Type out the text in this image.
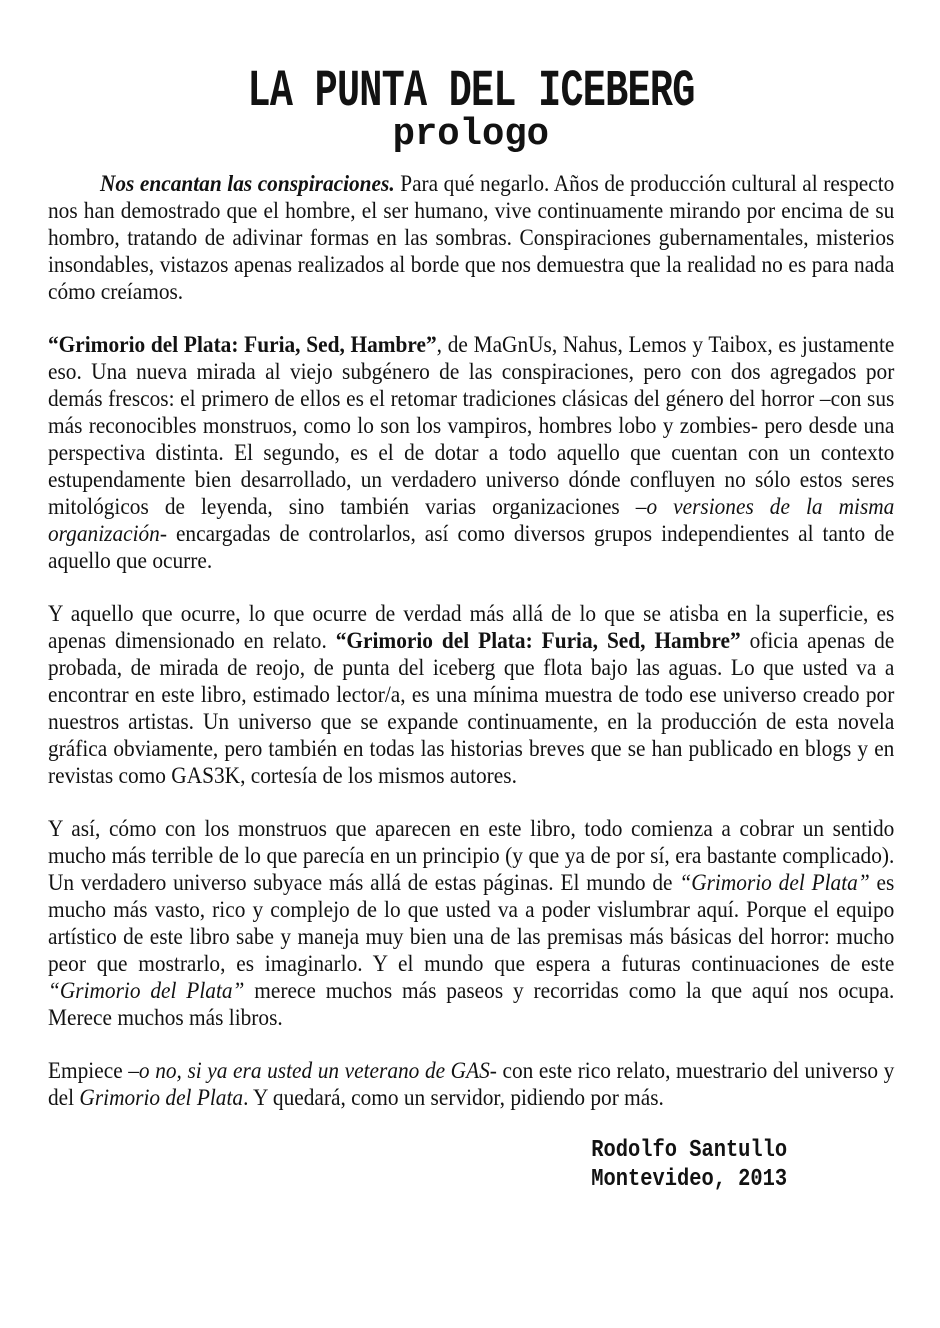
LA PUNTA DEL ICEBERG
prologo

Nos encantan las conspiraciones. Para qué negarlo. Años de producción cultural al respecto nos han demostrado que el hombre, el ser humano, vive continuamente mirando por encima de su hombro, tratando de adivinar formas en las sombras. Conspiraciones gubernamentales, misterios insondables, vistazos apenas realizados al borde que nos demuestra que la realidad no es para nada cómo creíamos.

“Grimorio del Plata: Furia, Sed, Hambre”, de MaGnUs, Nahus, Lemos y Taibox, es justamente eso. Una nueva mirada al viejo subgénero de las conspiraciones, pero con dos agregados por demás frescos: el primero de ellos es el retomar tradiciones clásicas del género del horror –con sus más reconocibles monstruos, como lo son los vampiros, hombres lobo y zombies- pero desde una perspectiva distinta. El segundo, es el de dotar a todo aquello que cuentan con un contexto estupendamente bien desarrollado, un verdadero universo dónde confluyen no sólo estos seres mitológicos de leyenda, sino también varias organizaciones –o versiones de la misma organización- encargadas de controlarlos, así como diversos grupos independientes al tanto de aquello que ocurre.

Y aquello que ocurre, lo que ocurre de verdad más allá de lo que se atisba en la superficie, es apenas dimensionado en relato. “Grimorio del Plata: Furia, Sed, Hambre” oficia apenas de probada, de mirada de reojo, de punta del iceberg que flota bajo las aguas. Lo que usted va a encontrar en este libro, estimado lector/a, es una mínima muestra de todo ese universo creado por nuestros artistas. Un universo que se expande continuamente, en la producción de esta novela gráfica obviamente, pero también en todas las historias breves que se han publicado en blogs y en revistas como GAS3K, cortesía de los mismos autores.

Y así, cómo con los monstruos que aparecen en este libro, todo comienza a cobrar un sentido mucho más terrible de lo que parecía en un principio (y que ya de por sí, era bastante complicado). Un verdadero universo subyace más allá de estas páginas. El mundo de “Grimorio del Plata” es mucho más vasto, rico y complejo de lo que usted va a poder vislumbrar aquí. Porque el equipo artístico de este libro sabe y maneja muy bien una de las premisas más básicas del horror: mucho peor que mostrarlo, es imaginarlo. Y el mundo que espera a futuras continuaciones de este “Grimorio del Plata” merece muchos más paseos y recorridas como la que aquí nos ocupa. Merece muchos más libros.

Empiece –o no, si ya era usted un veterano de GAS- con este rico relato, muestrario del universo y del Grimorio del Plata. Y quedará, como un servidor, pidiendo por más.

Rodolfo Santullo
Montevideo, 2013
